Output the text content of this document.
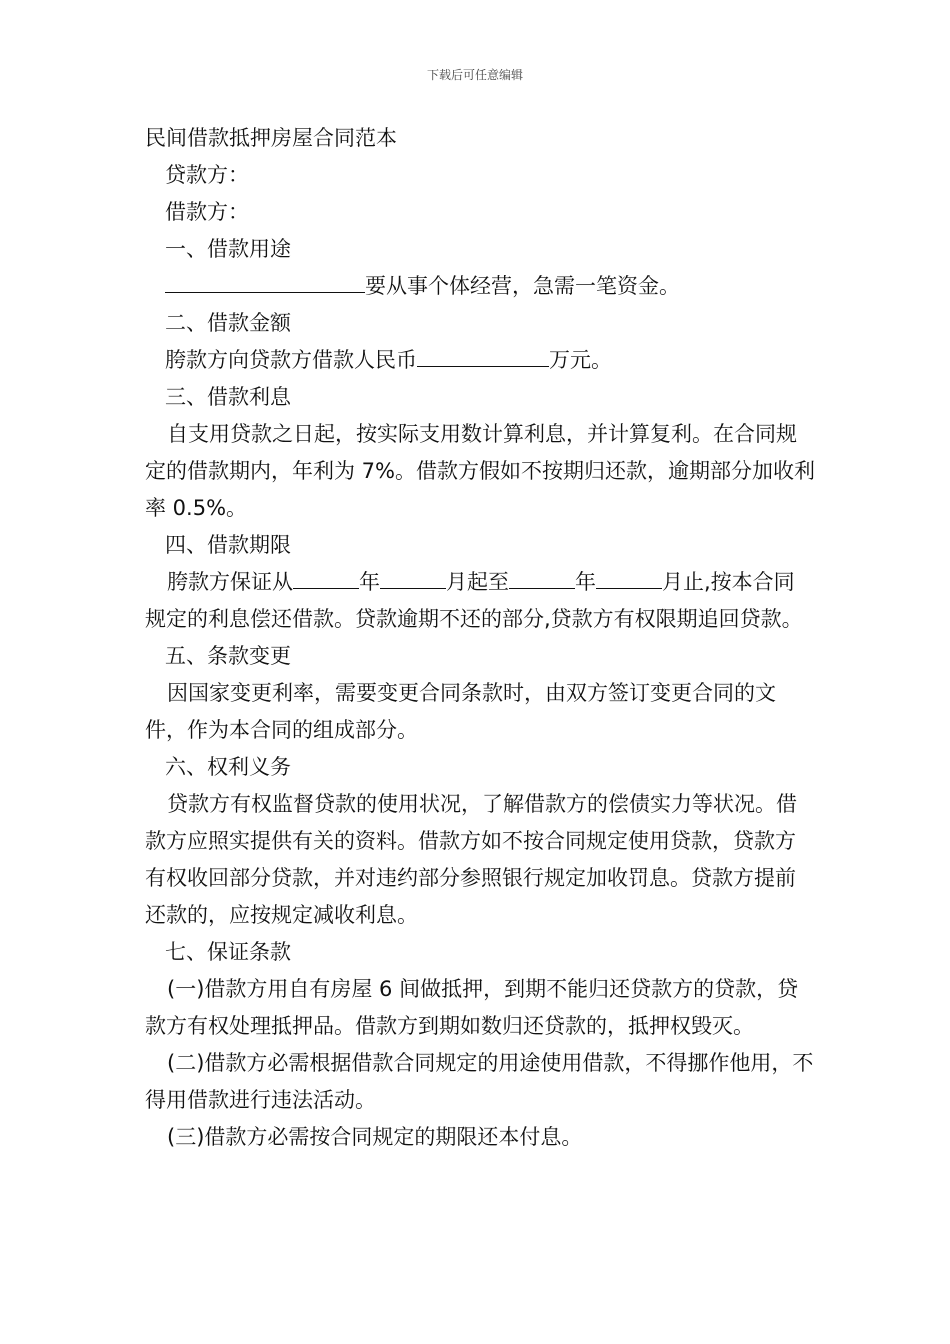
下载后可任意编辑

民间借款抵押房屋合同范本

贷款方：

借款方：

一、借款用途

要从事个体经营，急需一笔资金。

二、借款金额

胯款方向贷款方借款人民币	万元。

三、借款利息

自支用贷款之日起，按实际支用数计算利息，并计算复利。在合同规定的借款期内，年利为 7%。借款方假如不按期归还款，逾期部分加收利率 0.5%。

四、借款期限

胯款方保证从	年	月起至	年	月止,按本合同规定的利息偿还借款。贷款逾期不还的部分,贷款方有权限期追回贷款。

五、条款变更

因国家变更利率，需要变更合同条款时，由双方签订变更合同的文件，作为本合同的组成部分。

六、权利义务

贷款方有权监督贷款的使用状况，了解借款方的偿债实力等状况。借款方应照实提供有关的资料。借款方如不按合同规定使用贷款，贷款方有权收回部分贷款，并对违约部分参照银行规定加收罚息。贷款方提前还款的，应按规定减收利息。

七、保证条款

(一)借款方用自有房屋 6 间做抵押，到期不能归还贷款方的贷款，贷款方有权处理抵押品。借款方到期如数归还贷款的，抵押权毁灭。

(二)借款方必需根据借款合同规定的用途使用借款，不得挪作他用，不得用借款进行违法活动。

(三)借款方必需按合同规定的期限还本付息。
